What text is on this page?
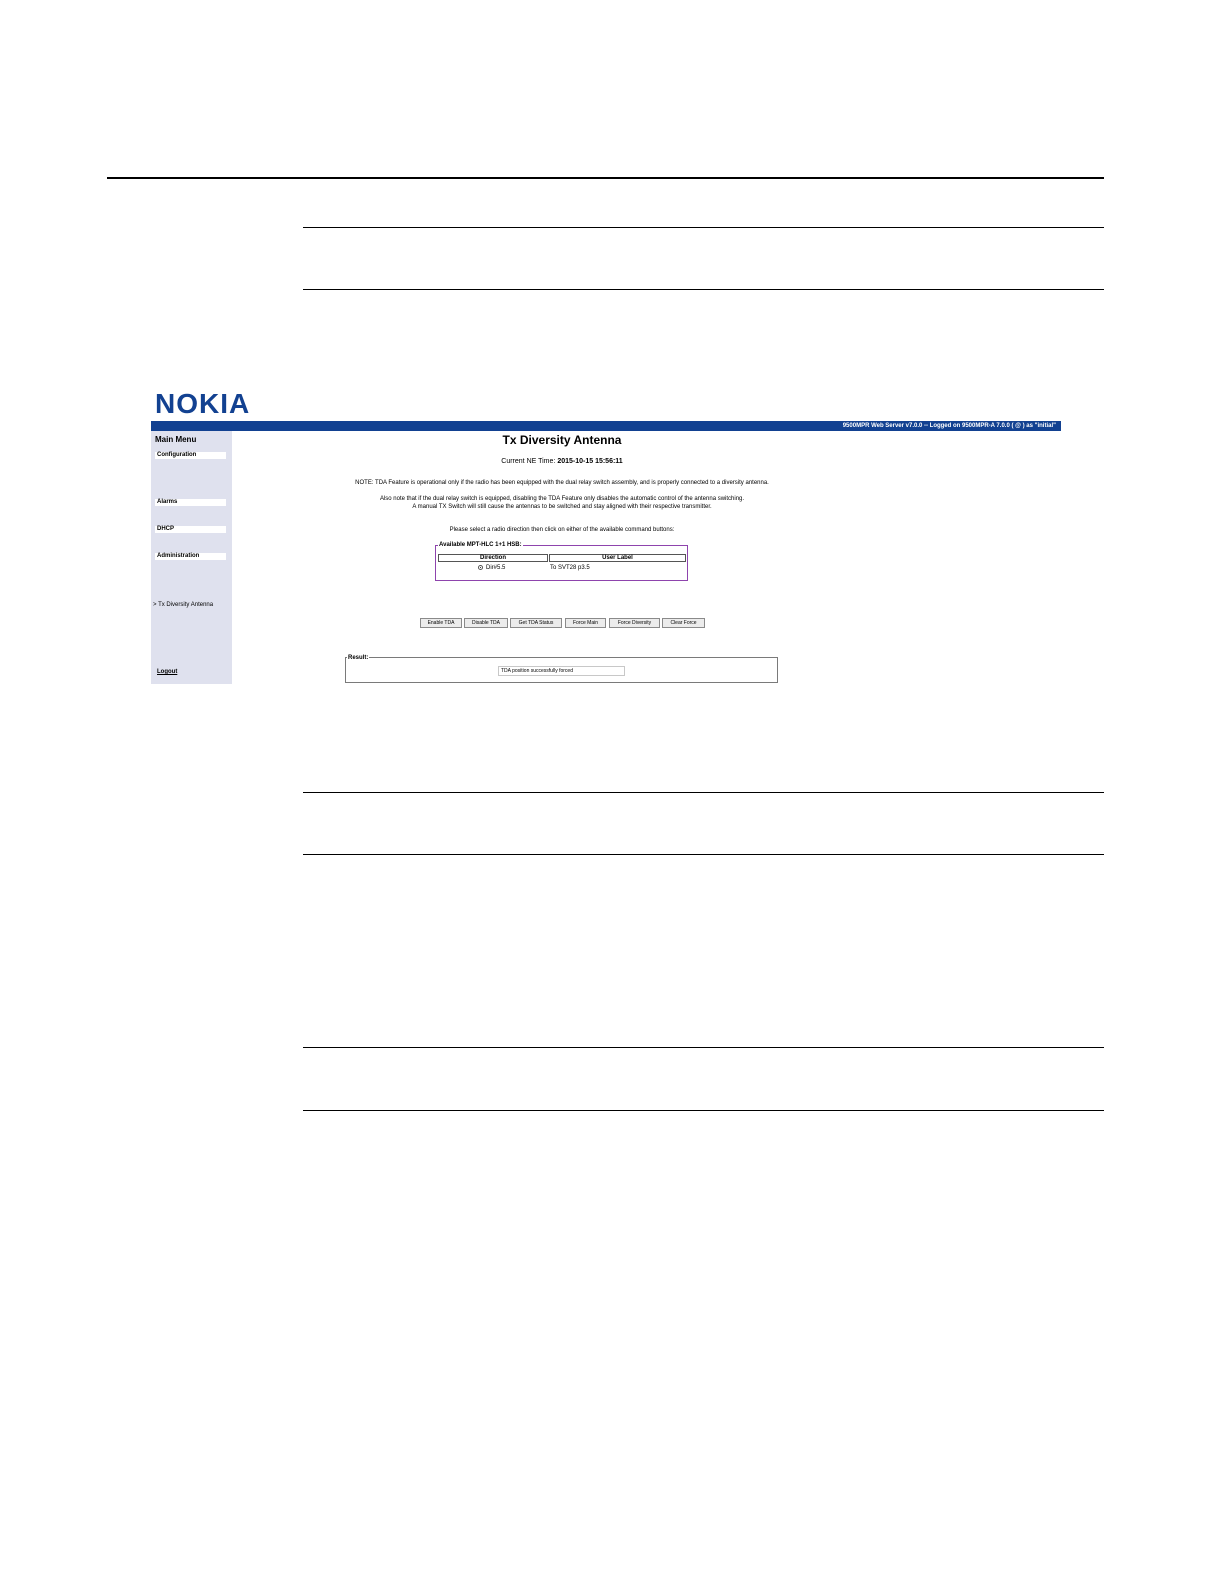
NOKIA
9500MPR Web Server v7.0.0 -- Logged on 9500MPR-A 7.0.0 ( @ ) as "initial"
Main Menu
Configuration
Alarms
DHCP
Administration
> Tx Diversity Antenna
Logout
Tx Diversity Antenna
Current NE Time: 2015-10-15 15:56:11
NOTE: TDA Feature is operational only if the radio has been equipped with the dual relay switch assembly, and is properly connected to a diversity antenna.
Also note that if the dual relay switch is equipped, disabling the TDA Feature only disables the automatic control of the antenna switching.
A manual TX Switch will still cause the antennas to be switched and stay aligned with their respective transmitter.
Please select a radio direction then click on either of the available command buttons:
Available MPT-HLC 1+1 HSB:
Direction	User Label
Dir#5.5	To SVT28 p3.5
Enable TDA	Disable TDA	Get TDA Status	Force Main	Force Diversity	Clear Force
Result:
TDA position successfully forced
